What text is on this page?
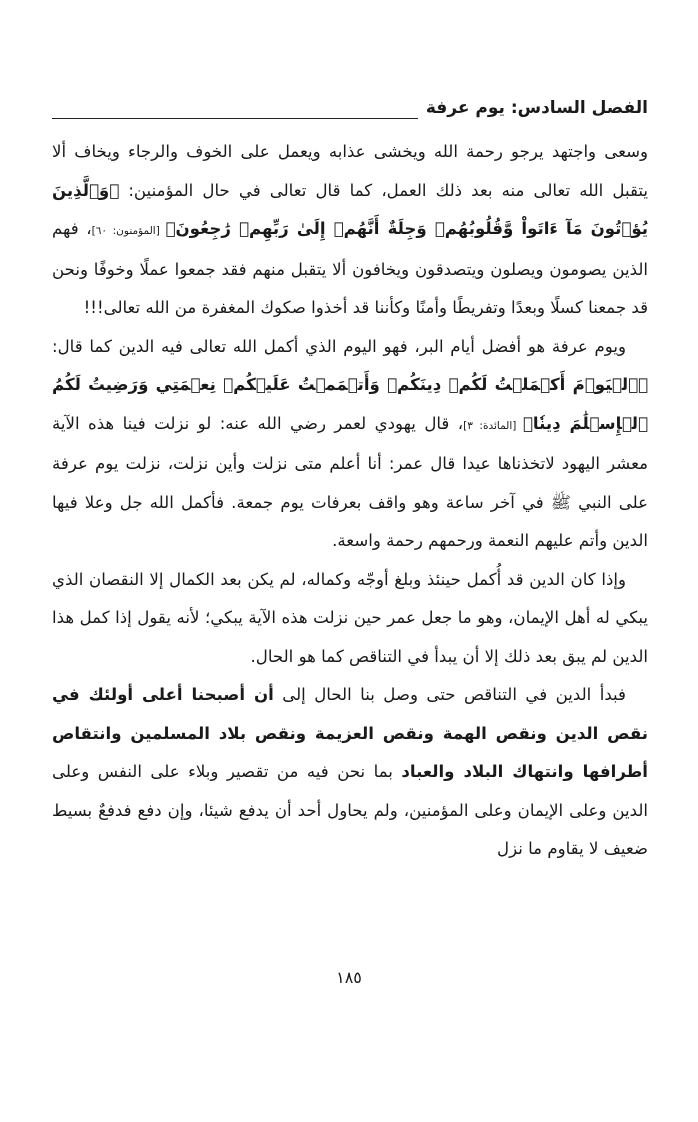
الفصل السادس: يوم عرفة

وسعى واجتهد يرجو رحمة الله ويخشى عذابه ويعمل على الخوف والرجاء ويخاف ألا يتقبل الله تعالى منه بعد ذلك العمل، كما قال تعالى في حال المؤمنين: ﴿وَٱلَّذِينَ يُؤۡتُونَ مَآ ءَاتَواْ وَّقُلُوبُهُمۡ وَجِلَةٌ أَنَّهُمۡ إِلَىٰ رَبِّهِمۡ رَٰجِعُونَ﴾ [المؤمنون: ٦٠]، فهم الذين يصومون ويصلون ويتصدقون ويخافون ألا يتقبل منهم فقد جمعوا عملًا وخوفًا ونحن قد جمعنا كسلًا وبعدًا وتفريطًا وأمنًا وكأننا قد أخذوا صكوك المغفرة من الله تعالى!!!

ويوم عرفة هو أفضل أيام البر، فهو اليوم الذي أكمل الله تعالى فيه الدين كما قال: ﴿ٱلۡيَوۡمَ أَكۡمَلۡتُ لَكُمۡ دِينَكُمۡ وَأَتۡمَمۡتُ عَلَيۡكُمۡ نِعۡمَتِي وَرَضِيتُ لَكُمُ ٱلۡإِسۡلَٰمَ دِينٗا﴾ [المائدة: ٣]، قال يهودي لعمر رضي الله عنه: لو نزلت فينا هذه الآية معشر اليهود لاتخذناها عيدا قال عمر: أنا أعلم متى نزلت وأين نزلت، نزلت يوم عرفة على النبي ﷺ في آخر ساعة وهو واقف بعرفات يوم جمعة. فأكمل الله جل وعلا فيها الدين وأتم عليهم النعمة ورحمهم رحمة واسعة.

وإذا كان الدين قد أُكمل حينئذ وبلغ أوجّه وكماله، لم يكن بعد الكمال إلا النقصان الذي يبكي له أهل الإيمان، وهو ما جعل عمر حين نزلت هذه الآية يبكي؛ لأنه يقول إذا كمل هذا الدين لم يبق بعد ذلك إلا أن يبدأ في التناقص كما هو الحال.

فبدأ الدين في التناقص حتى وصل بنا الحال إلى أن أصبحنا أعلى أولئك في نقص الدين ونقص الهمة ونقص العزيمة ونقص بلاد المسلمين وانتقاص أطرافها وانتهاك البلاد والعباد بما نحن فيه من تقصير وبلاء على النفس وعلى الدين وعلى الإيمان وعلى المؤمنين، ولم يحاول أحد أن يدفع شيئا، وإن دفع فدفعٌ بسيط ضعيف لا يقاوم ما نزل

١٨٥
